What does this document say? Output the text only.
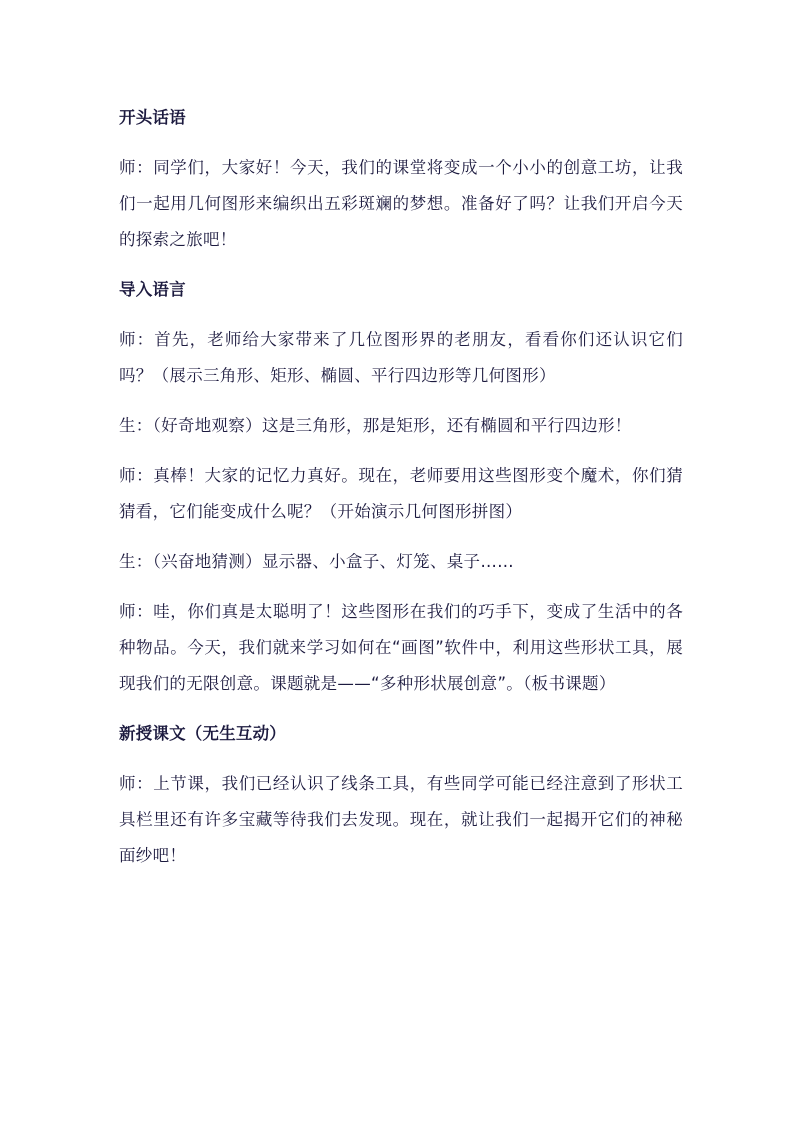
开头话语

师：同学们，大家好！今天，我们的课堂将变成一个小小的创意工坊，让我们一起用几何图形来编织出五彩斑斓的梦想。准备好了吗？让我们开启今天的探索之旅吧！

导入语言

师：首先，老师给大家带来了几位图形界的老朋友，看看你们还认识它们吗？（展示三角形、矩形、椭圆、平行四边形等几何图形）

生：（好奇地观察）这是三角形，那是矩形，还有椭圆和平行四边形！

师：真棒！大家的记忆力真好。现在，老师要用这些图形变个魔术，你们猜猜看，它们能变成什么呢？（开始演示几何图形拼图）

生：（兴奋地猜测）显示器、小盒子、灯笼、桌子……

师：哇，你们真是太聪明了！这些图形在我们的巧手下，变成了生活中的各种物品。今天，我们就来学习如何在“画图”软件中，利用这些形状工具，展现我们的无限创意。课题就是——“多种形状展创意”。（板书课题）

新授课文（无生互动）

师：上节课，我们已经认识了线条工具，有些同学可能已经注意到了形状工具栏里还有许多宝藏等待我们去发现。现在，就让我们一起揭开它们的神秘面纱吧！
